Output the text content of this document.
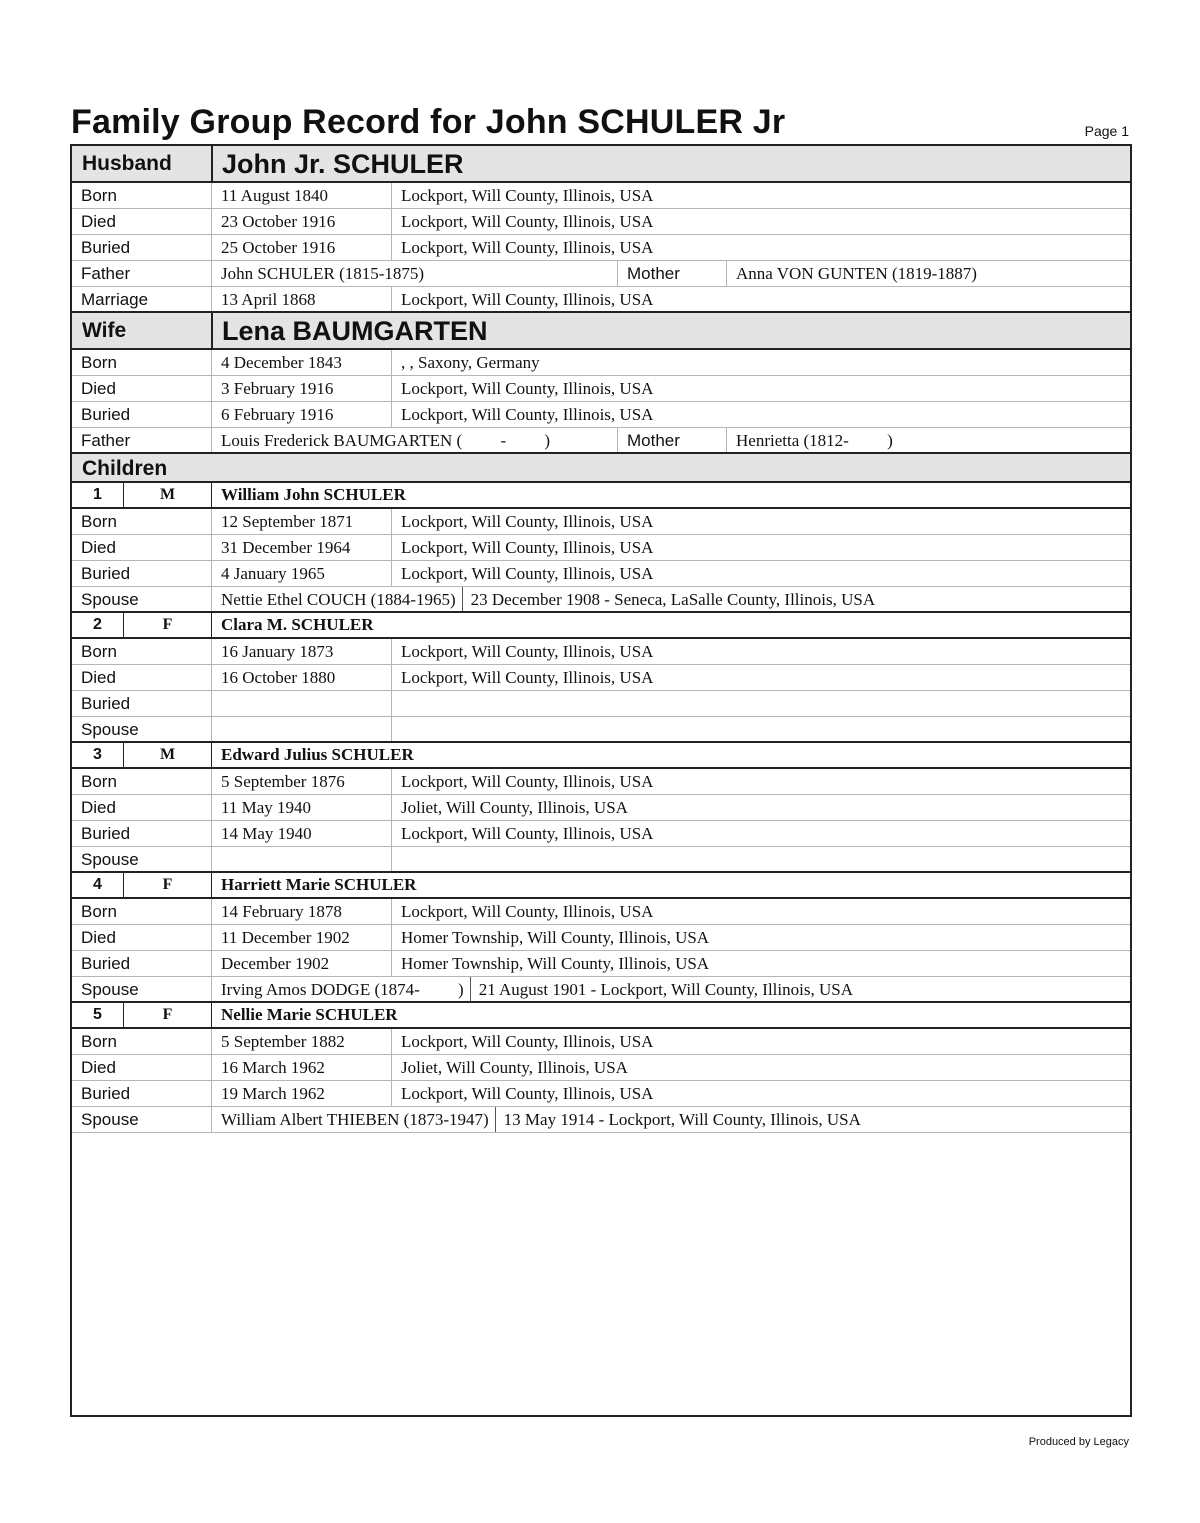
Family Group Record for John SCHULER Jr	Page 1
Husband	John Jr. SCHULER
Born	11 August 1840	Lockport, Will County, Illinois, USA
Died	23 October 1916	Lockport, Will County, Illinois, USA
Buried	25 October 1916	Lockport, Will County, Illinois, USA
Father	John SCHULER (1815-1875)	Mother	Anna VON GUNTEN (1819-1887)
Marriage	13 April 1868	Lockport, Will County, Illinois, USA
Wife	Lena BAUMGARTEN
Born	4 December 1843	, , Saxony, Germany
Died	3 February 1916	Lockport, Will County, Illinois, USA
Buried	6 February 1916	Lockport, Will County, Illinois, USA
Father	Louis Frederick BAUMGARTEN (         -         )	Mother	Henrietta (1812-         )
Children
1	M	William John SCHULER
Born	12 September 1871	Lockport, Will County, Illinois, USA
Died	31 December 1964	Lockport, Will County, Illinois, USA
Buried	4 January 1965	Lockport, Will County, Illinois, USA
Spouse	Nettie Ethel COUCH (1884-1965) 23 December 1908 - Seneca, LaSalle County, Illinois, USA
2	F	Clara M. SCHULER
Born	16 January 1873	Lockport, Will County, Illinois, USA
Died	16 October 1880	Lockport, Will County, Illinois, USA
Buried
Spouse
3	M	Edward Julius SCHULER
Born	5 September 1876	Lockport, Will County, Illinois, USA
Died	11 May 1940	Joliet, Will County, Illinois, USA
Buried	14 May 1940	Lockport, Will County, Illinois, USA
Spouse
4	F	Harriett Marie SCHULER
Born	14 February 1878	Lockport, Will County, Illinois, USA
Died	11 December 1902	Homer Township, Will County, Illinois, USA
Buried	December 1902	Homer Township, Will County, Illinois, USA
Spouse	Irving Amos DODGE (1874-         ) 21 August 1901 - Lockport, Will County, Illinois, USA
5	F	Nellie Marie SCHULER
Born	5 September 1882	Lockport, Will County, Illinois, USA
Died	16 March 1962	Joliet, Will County, Illinois, USA
Buried	19 March 1962	Lockport, Will County, Illinois, USA
Spouse	William Albert THIEBEN (1873-1947) 13 May 1914 - Lockport, Will County, Illinois, USA
Produced by Legacy
